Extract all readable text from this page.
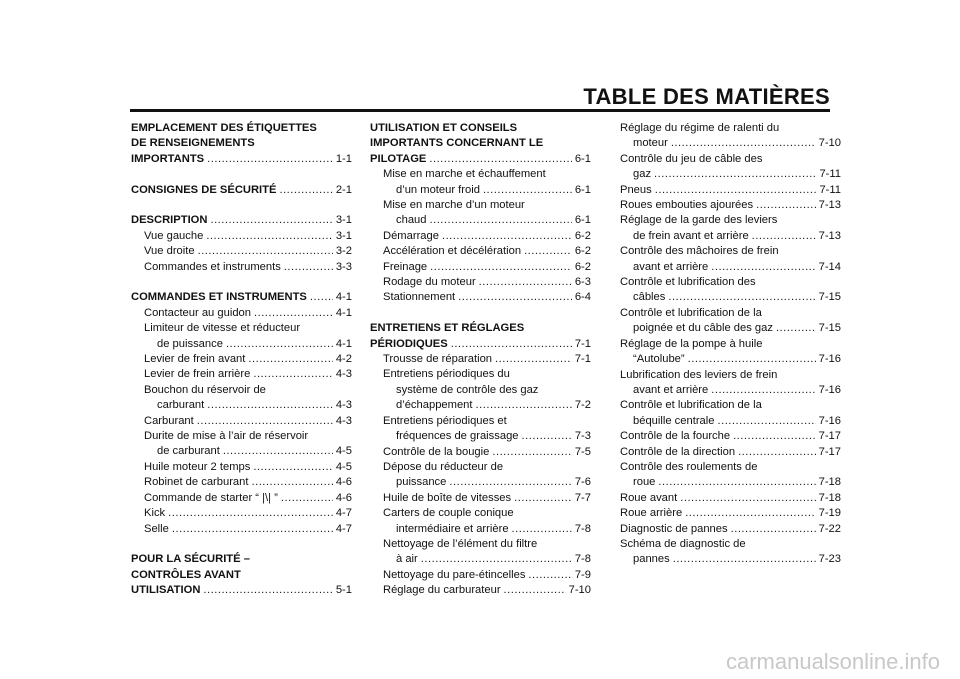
TABLE DES MATIÈRES
EMPLACEMENT DES ÉTIQUETTES
DE RENSEIGNEMENTS
IMPORTANTS .....	1-1
CONSIGNES DE SÉCURITÉ .....	2-1
DESCRIPTION .....	3-1
Vue gauche .....	3-1
Vue droite .....	3-2
Commandes et instruments .....	3-3
COMMANDES ET INSTRUMENTS .....	4-1
Contacteur au guidon .....	4-1
Limiteur de vitesse et réducteur
de puissance .....	4-1
Levier de frein avant .....	4-2
Levier de frein arrière .....	4-3
Bouchon du réservoir de
carburant .....	4-3
Carburant .....	4-3
Durite de mise à l’air de réservoir
de carburant .....	4-5
Huile moteur 2 temps .....	4-5
Robinet de carburant .....	4-6
Commande de starter “ |\| ” .....	4-6
Kick .....	4-7
Selle .....	4-7
POUR LA SÉCURITÉ –
CONTRÔLES AVANT
UTILISATION .....	5-1
UTILISATION ET CONSEILS
IMPORTANTS CONCERNANT LE
PILOTAGE .....	6-1
Mise en marche et échauffement
d’un moteur froid .....	6-1
Mise en marche d’un moteur
chaud .....	6-1
Démarrage .....	6-2
Accélération et décélération .....	6-2
Freinage .....	6-2
Rodage du moteur .....	6-3
Stationnement .....	6-4
ENTRETIENS ET RÉGLAGES
PÉRIODIQUES .....	7-1
Trousse de réparation .....	7-1
Entretiens périodiques du
système de contrôle des gaz
d’échappement .....	7-2
Entretiens périodiques et
fréquences de graissage .....	7-3
Contrôle de la bougie .....	7-5
Dépose du réducteur de
puissance .....	7-6
Huile de boîte de vitesses .....	7-7
Carters de couple conique
intermédiaire et arrière .....	7-8
Nettoyage de l’élément du filtre
à air .....	7-8
Nettoyage du pare-étincelles .....	7-9
Réglage du carburateur .....	7-10
Réglage du régime de ralenti du
moteur .....	7-10
Contrôle du jeu de câble des
gaz .....	7-11
Pneus .....	7-11
Roues embouties ajourées .....	7-13
Réglage de la garde des leviers
de frein avant et arrière .....	7-13
Contrôle des mâchoires de frein
avant et arrière .....	7-14
Contrôle et lubrification des
câbles .....	7-15
Contrôle et lubrification de la
poignée et du câble des gaz .....	7-15
Réglage de la pompe à huile
“Autolube” .....	7-16
Lubrification des leviers de frein
avant et arrière .....	7-16
Contrôle et lubrification de la
béquille centrale .....	7-16
Contrôle de la fourche .....	7-17
Contrôle de la direction .....	7-17
Contrôle des roulements de
roue .....	7-18
Roue avant .....	7-18
Roue arrière .....	7-19
Diagnostic de pannes .....	7-22
Schéma de diagnostic de
pannes .....	7-23
carmanualsonline.info
